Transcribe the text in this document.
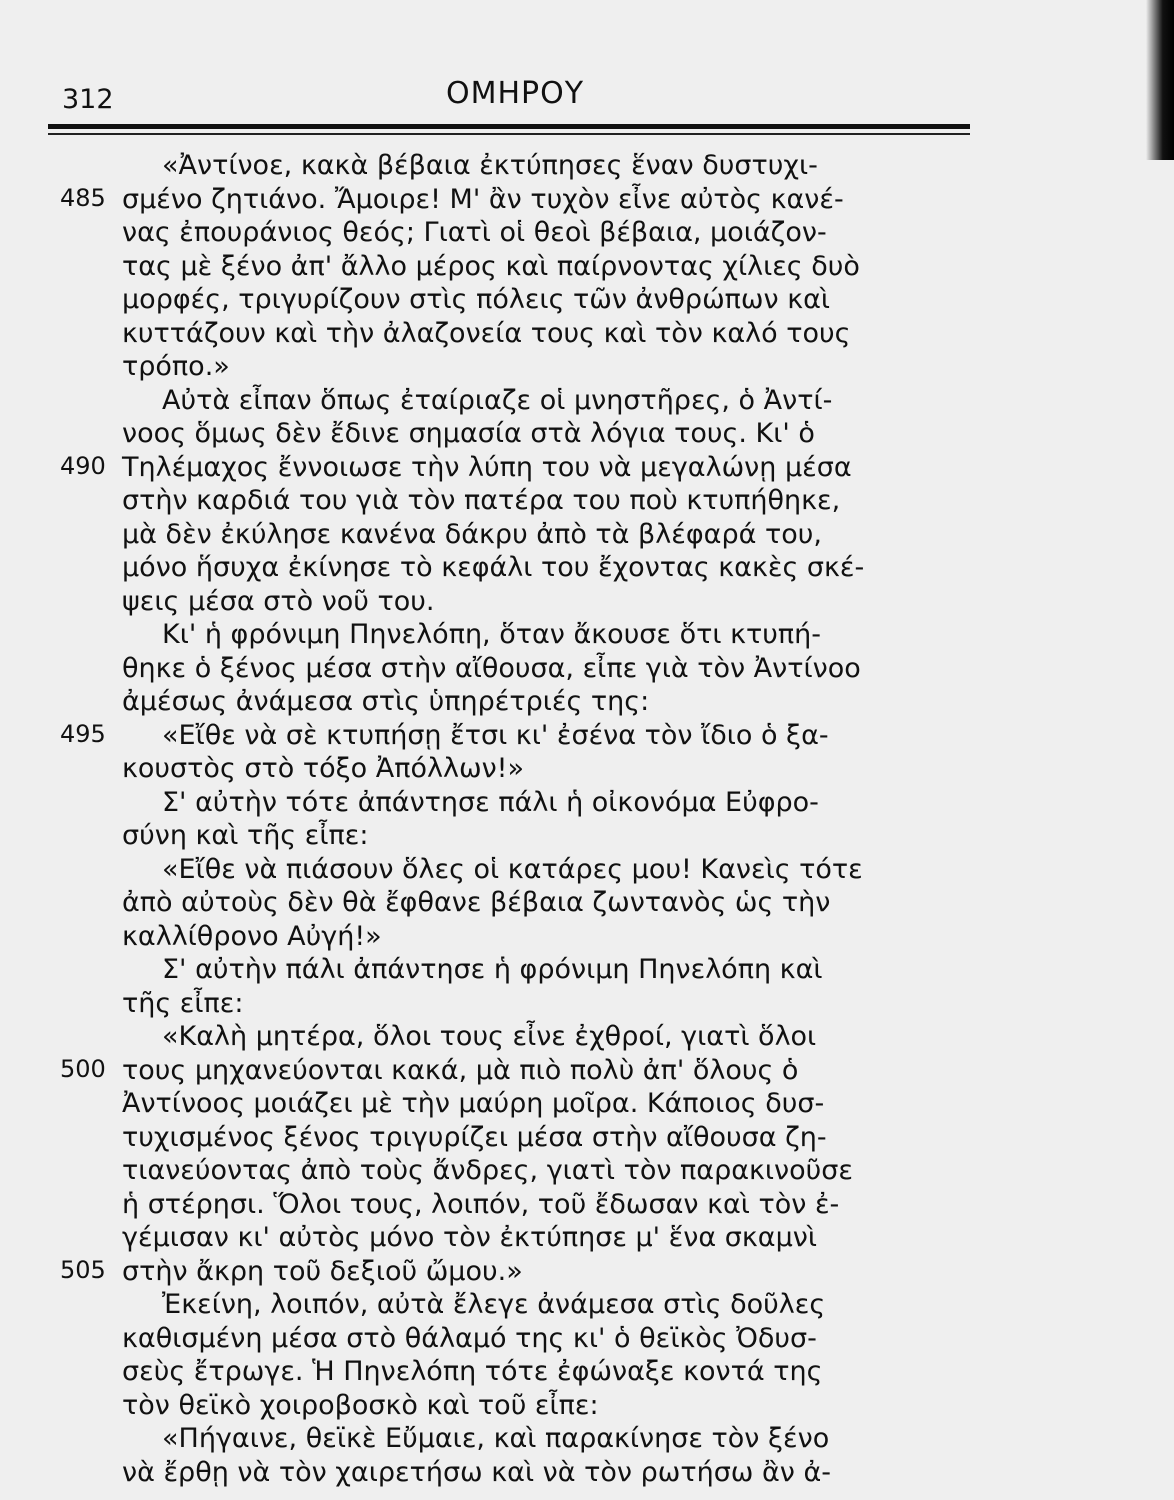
312	ΟΜΗΡΟΥ
485
490
495
500
505
«Ἀντίνοε, κακὰ βέβαια ἐκτύπησες ἕναν δυστυχι-
σμένο ζητιάνο. Ἄμοιρε! Μ' ἂν τυχὸν εἶνε αὐτὸς κανέ-
νας ἐπουράνιος θεός; Γιατὶ οἱ θεοὶ βέβαια, μοιάζον-
τας μὲ ξένο ἀπ' ἄλλο μέρος καὶ παίρνοντας χίλιες δυὸ
μορφές, τριγυρίζουν στὶς πόλεις τῶν ἀνθρώπων καὶ
κυττάζουν καὶ τὴν ἀλαζονεία τους καὶ τὸν καλό τους
τρόπο.»
Αὐτὰ εἶπαν ὅπως ἐταίριαζε οἱ μνηστῆρες, ὁ Ἀντί-
νοος ὅμως δὲν ἔδινε σημασία στὰ λόγια τους. Κι' ὁ
Τηλέμαχος ἔννοιωσε τὴν λύπη του νὰ μεγαλώνῃ μέσα
στὴν καρδιά του γιὰ τὸν πατέρα του ποὺ κτυπήθηκε,
μὰ δὲν ἐκύλησε κανένα δάκρυ ἀπὸ τὰ βλέφαρά του,
μόνο ἥσυχα ἐκίνησε τὸ κεφάλι του ἔχοντας κακὲς σκέ-
ψεις μέσα στὸ νοῦ του.
Κι' ἡ φρόνιμη Πηνελόπη, ὅταν ἄκουσε ὅτι κτυπή-
θηκε ὁ ξένος μέσα στὴν αἴθουσα, εἶπε γιὰ τὸν Ἀντίνοο
ἀμέσως ἀνάμεσα στὶς ὑπηρέτριές της:
«Εἴθε νὰ σὲ κτυπήσῃ ἔτσι κι' ἐσένα τὸν ἴδιο ὁ ξα-
κουστὸς στὸ τόξο Ἀπόλλων!»
Σ' αὐτὴν τότε ἀπάντησε πάλι ἡ οἰκονόμα Εὐφρο-
σύνη καὶ τῆς εἶπε:
«Εἴθε νὰ πιάσουν ὅλες οἱ κατάρες μου! Κανεὶς τότε
ἀπὸ αὐτοὺς δὲν θὰ ἔφθανε βέβαια ζωντανὸς ὡς τὴν
καλλίθρονο Αὐγή!»
Σ' αὐτὴν πάλι ἀπάντησε ἡ φρόνιμη Πηνελόπη καὶ
τῆς εἶπε:
«Καλὴ μητέρα, ὅλοι τους εἶνε ἐχθροί, γιατὶ ὅλοι
τους μηχανεύονται κακά, μὰ πιὸ πολὺ ἀπ' ὅλους ὁ
Ἀντίνοος μοιάζει μὲ τὴν μαύρη μοῖρα. Κάποιος δυσ-
τυχισμένος ξένος τριγυρίζει μέσα στὴν αἴθουσα ζη-
τιανεύοντας ἀπὸ τοὺς ἄνδρες, γιατὶ τὸν παρακινοῦσε
ἡ στέρησι. Ὅλοι τους, λοιπόν, τοῦ ἔδωσαν καὶ τὸν ἐ-
γέμισαν κι' αὐτὸς μόνο τὸν ἐκτύπησε μ' ἕνα σκαμνὶ
στὴν ἄκρη τοῦ δεξιοῦ ὤμου.»
Ἐκείνη, λοιπόν, αὐτὰ ἔλεγε ἀνάμεσα στὶς δοῦλες
καθισμένη μέσα στὸ θάλαμό της κι' ὁ θεϊκὸς Ὀδυσ-
σεὺς ἔτρωγε. Ἡ Πηνελόπη τότε ἐφώναξε κοντά της
τὸν θεϊκὸ χοιροβοσκὸ καὶ τοῦ εἶπε:
«Πήγαινε, θεϊκὲ Εὔμαιε, καὶ παρακίνησε τὸν ξένο
νὰ ἔρθῃ νὰ τὸν χαιρετήσω καὶ νὰ τὸν ρωτήσω ἂν ἀ-
